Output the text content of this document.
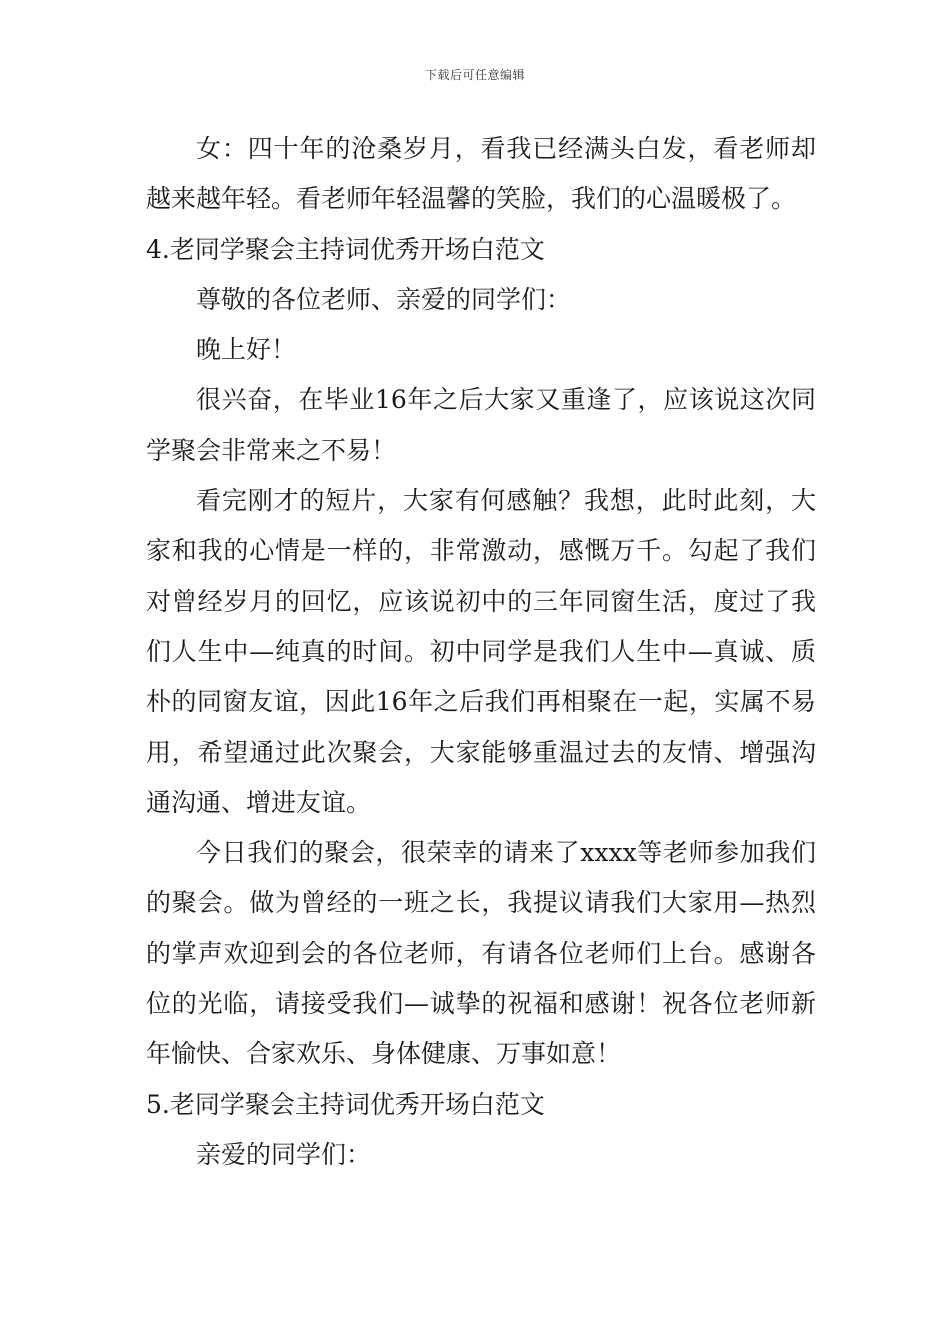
下载后可任意编辑

女：四十年的沧桑岁月，看我已经满头白发，看老师却越来越年轻。看老师年轻温馨的笑脸，我们的心温暖极了。

4.老同学聚会主持词优秀开场白范文

尊敬的各位老师、亲爱的同学们：

晚上好！

很兴奋，在毕业16年之后大家又重逢了，应该说这次同学聚会非常来之不易！

看完刚才的短片，大家有何感触？我想，此时此刻，大家和我的心情是一样的，非常激动，感慨万千。勾起了我们对曾经岁月的回忆，应该说初中的三年同窗生活，度过了我们人生中—纯真的时间。初中同学是我们人生中—真诚、质朴的同窗友谊，因此16年之后我们再相聚在一起，实属不易用，希望通过此次聚会，大家能够重温过去的友情、增强沟通沟通、增进友谊。

今日我们的聚会，很荣幸的请来了xxxx等老师参加我们的聚会。做为曾经的一班之长，我提议请我们大家用—热烈的掌声欢迎到会的各位老师，有请各位老师们上台。感谢各位的光临，请接受我们—诚挚的祝福和感谢！祝各位老师新年愉快、合家欢乐、身体健康、万事如意！

5.老同学聚会主持词优秀开场白范文

亲爱的同学们：
